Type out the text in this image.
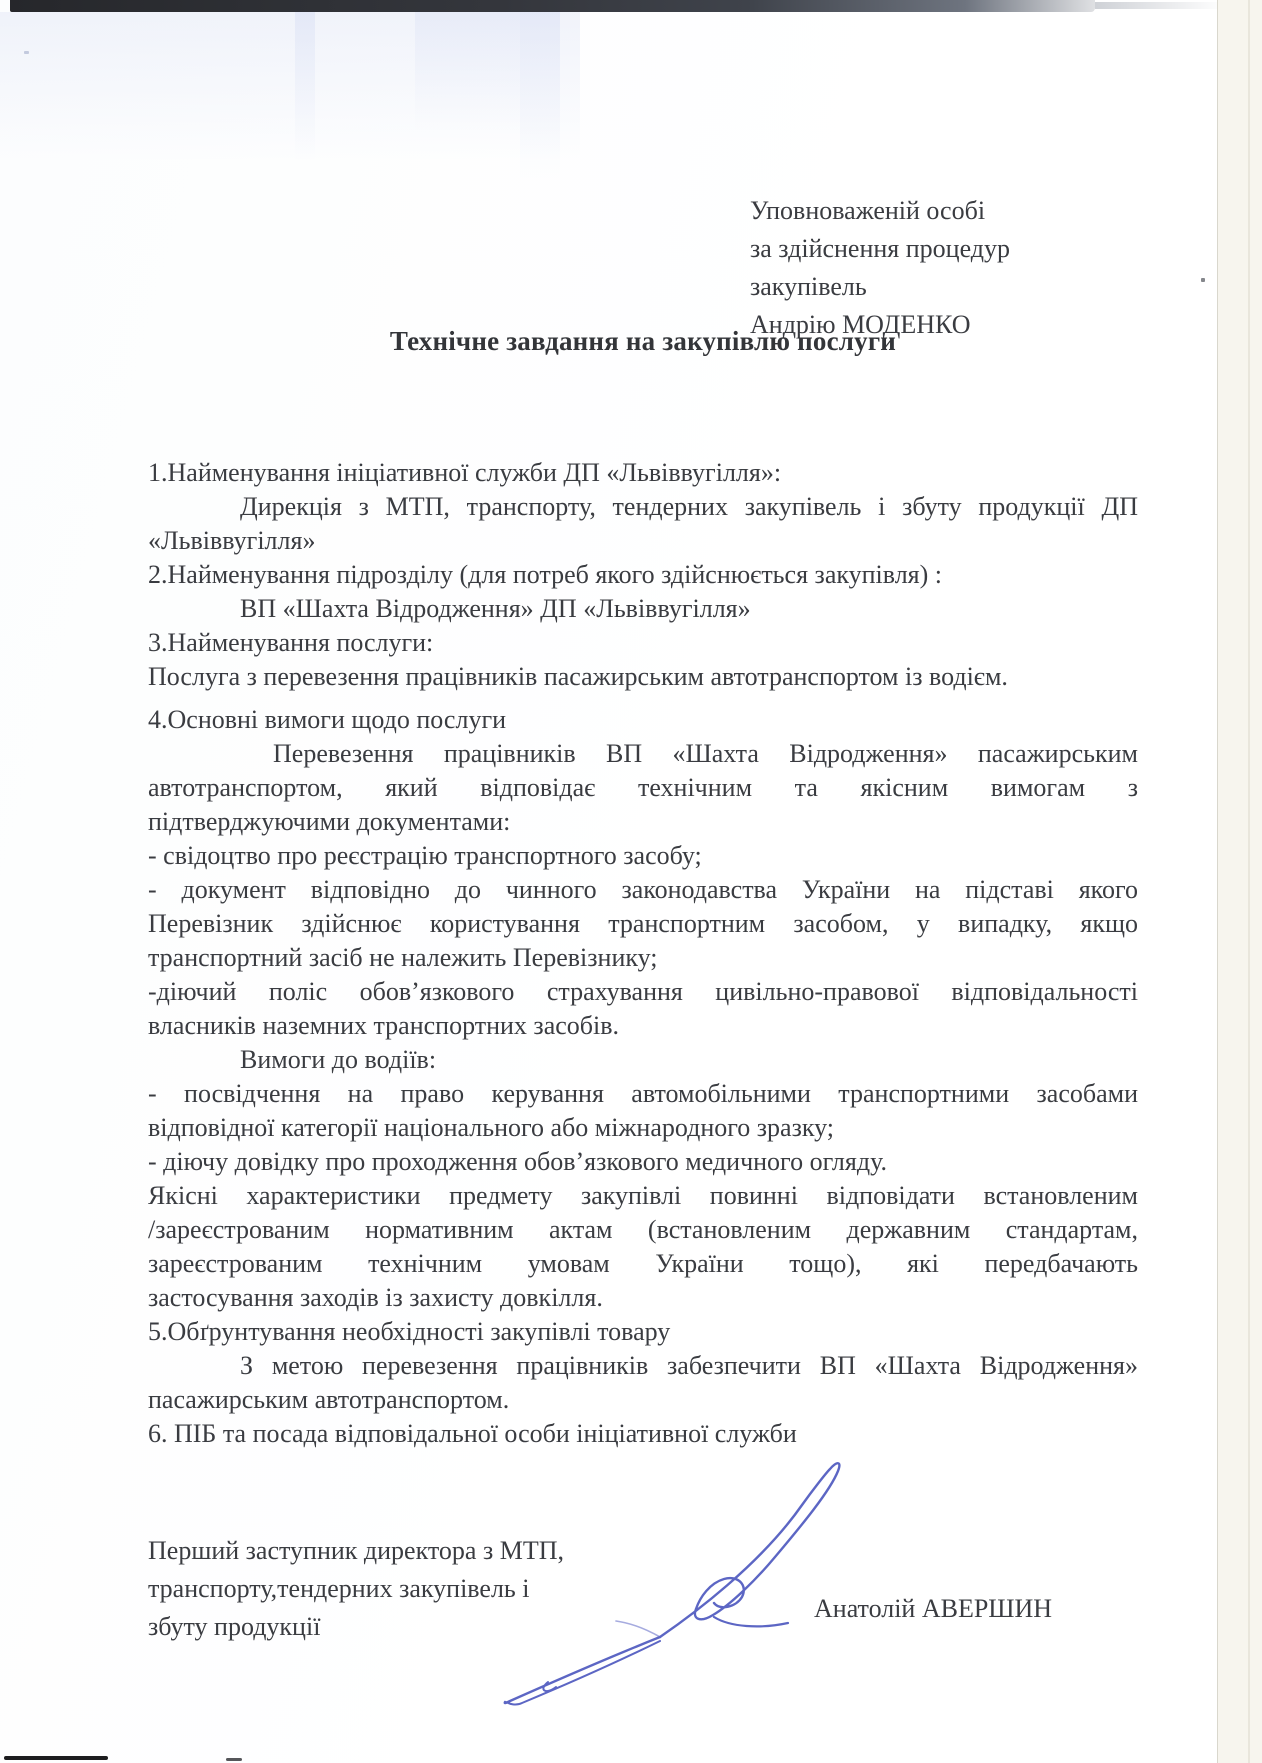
Уповноваженій особі
за здійснення процедур
закупівель
Андрію МОДЕНКО
Технічне завдання на закупівлю послуги
1.Найменування ініціативної служби ДП «Львіввугілля»:
Дирекція з МТП, транспорту, тендерних закупівель і збуту продукції ДП
«Львіввугілля»
2.Найменування підрозділу (для потреб якого здійснюється закупівля) :
ВП «Шахта Відродження» ДП «Львіввугілля»
3.Найменування послуги:
Послуга з перевезення працівників пасажирським автотранспортом із водієм.
4.Основні вимоги щодо послуги
Перевезення працівників ВП «Шахта Відродження» пасажирським
автотранспортом, який відповідає технічним та якісним вимогам з
підтверджуючими документами:
- свідоцтво про реєстрацію транспортного засобу;
- документ відповідно до чинного законодавства України на підставі якого
Перевізник здійснює користування транспортним засобом, у випадку, якщо
транспортний засіб не належить Перевізнику;
-діючий поліс обов’язкового страхування цивільно-правової відповідальності
власників наземних транспортних засобів.
Вимоги до водіїв:
- посвідчення на право керування автомобільними транспортними засобами
відповідної категорії національного або міжнародного зразку;
- діючу довідку про проходження обов’язкового медичного огляду.
Якісні характеристики предмету закупівлі повинні відповідати встановленим
/зареєстрованим нормативним актам (встановленим державним стандартам,
зареєстрованим технічним умовам України тощо), які передбачають
застосування заходів із захисту довкілля.
5.Обґрунтування необхідності закупівлі товару
З метою перевезення працівників забезпечити ВП «Шахта Відродження»
пасажирським автотранспортом.
6. ПІБ та посада відповідальної особи ініціативної служби
Перший заступник директора з МТП,
транспорту,тендерних закупівель і
збуту продукції
Анатолій АВЕРШИН
